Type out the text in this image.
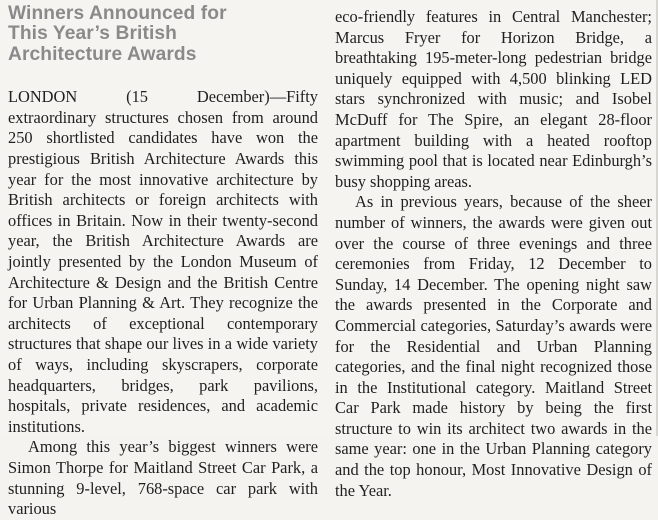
Winners Announced for
This Year’s British
Architecture Awards

LONDON (15 December)—Fifty extraordinary structures chosen from around 250 shortlisted candidates have won the prestigious British Architecture Awards this year for the most innovative architecture by British architects or foreign architects with offices in Britain. Now in their twenty-second year, the British Architecture Awards are jointly presented by the London Museum of Architecture & Design and the British Centre for Urban Planning & Art. They recognize the architects of exceptional contemporary structures that shape our lives in a wide variety of ways, including skyscrapers, corporate headquarters, bridges, park pavilions, hospitals, private residences, and academic institutions.

Among this year’s biggest winners were Simon Thorpe for Maitland Street Car Park, a stunning 9-level, 768-space car park with various

eco-friendly features in Central Manchester; Marcus Fryer for Horizon Bridge, a breathtaking 195-meter-long pedestrian bridge uniquely equipped with 4,500 blinking LED stars synchronized with music; and Isobel McDuff for The Spire, an elegant 28-floor apartment building with a heated rooftop swimming pool that is located near Edinburgh’s busy shopping areas.

As in previous years, because of the sheer number of winners, the awards were given out over the course of three evenings and three ceremonies from Friday, 12 December to Sunday, 14 December. The opening night saw the awards presented in the Corporate and Commercial categories, Saturday’s awards were for the Residential and Urban Planning categories, and the final night recognized those in the Institutional category. Maitland Street Car Park made history by being the first structure to win its architect two awards in the same year: one in the Urban Planning category and the top honour, Most Innovative Design of the Year.
